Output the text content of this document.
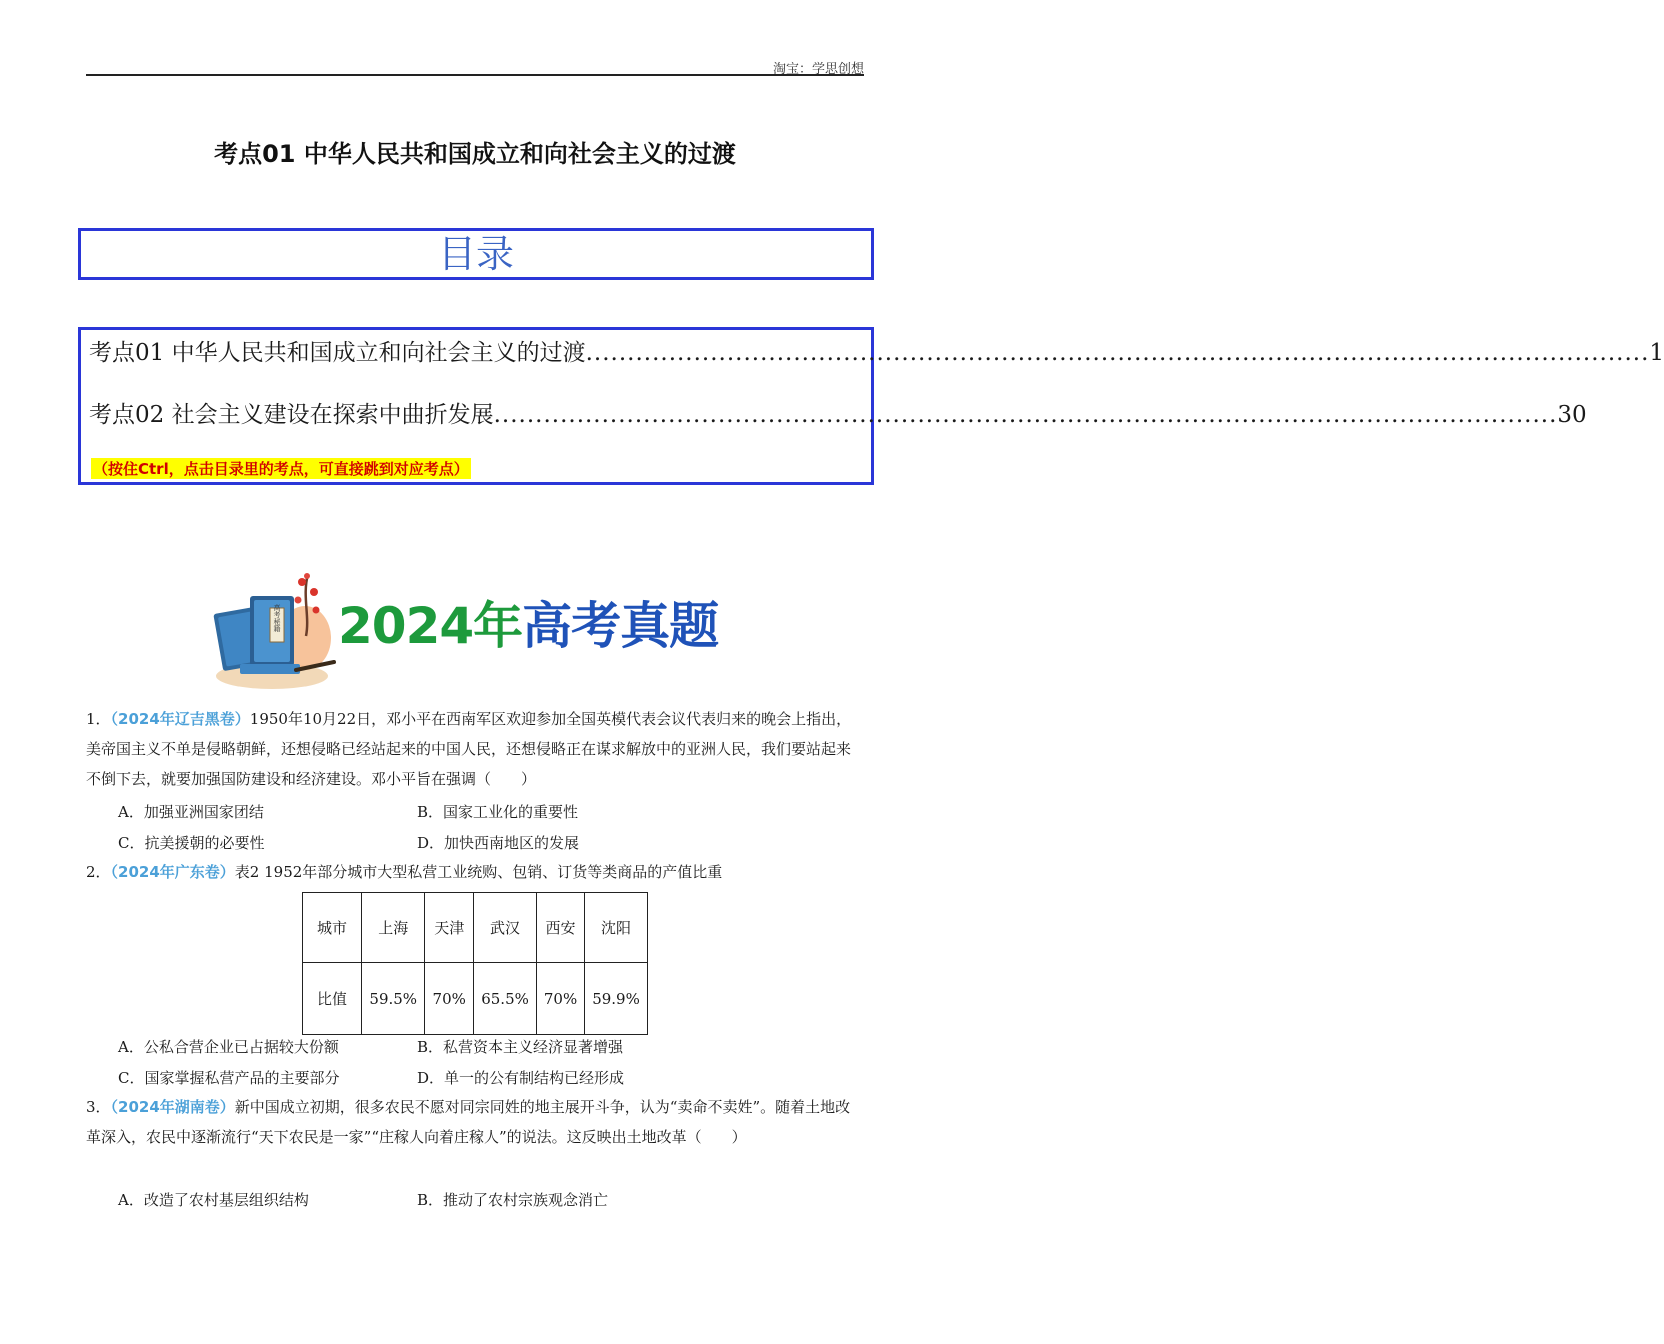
淘宝：学思创想
考点01 中华人民共和国成立和向社会主义的过渡
目录
考点01 中华人民共和国成立和向社会主义的过渡 ................................................................................................................................ 1
考点02 社会主义建设在探索中曲折发展 ................................................................................................................................ 30
（按住Ctrl，点击目录里的考点，可直接跳到对应考点）
高考秘籍 2024年高考真题
1．（2024年辽吉黑卷）1950年10月22日，邓小平在西南军区欢迎参加全国英模代表会议代表归来的晚会上指出，美帝国主义不单是侵略朝鲜，还想侵略已经站起来的中国人民，还想侵略正在谋求解放中的亚洲人民，我们要站起来不倒下去，就要加强国防建设和经济建设。邓小平旨在强调（　　）
A．加强亚洲国家团结	B．国家工业化的重要性
C．抗美援朝的必要性	D．加快西南地区的发展
2．（2024年广东卷）表2 1952年部分城市大型私营工业统购、包销、订货等类商品的产值比重
城市	上海	天津	武汉	西安	沈阳
比值	59.5%	70%	65.5%	70%	59.9%
A．公私合营企业已占据较大份额	B．私营资本主义经济显著增强
C．国家掌握私营产品的主要部分	D．单一的公有制结构已经形成
3．（2024年湖南卷）新中国成立初期，很多农民不愿对同宗同姓的地主展开斗争，认为“卖命不卖姓”。随着土地改革深入，农民中逐渐流行“天下农民是一家”“庄稼人向着庄稼人”的说法。这反映出土地改革（　　）
A．改造了农村基层组织结构	B．推动了农村宗族观念消亡
